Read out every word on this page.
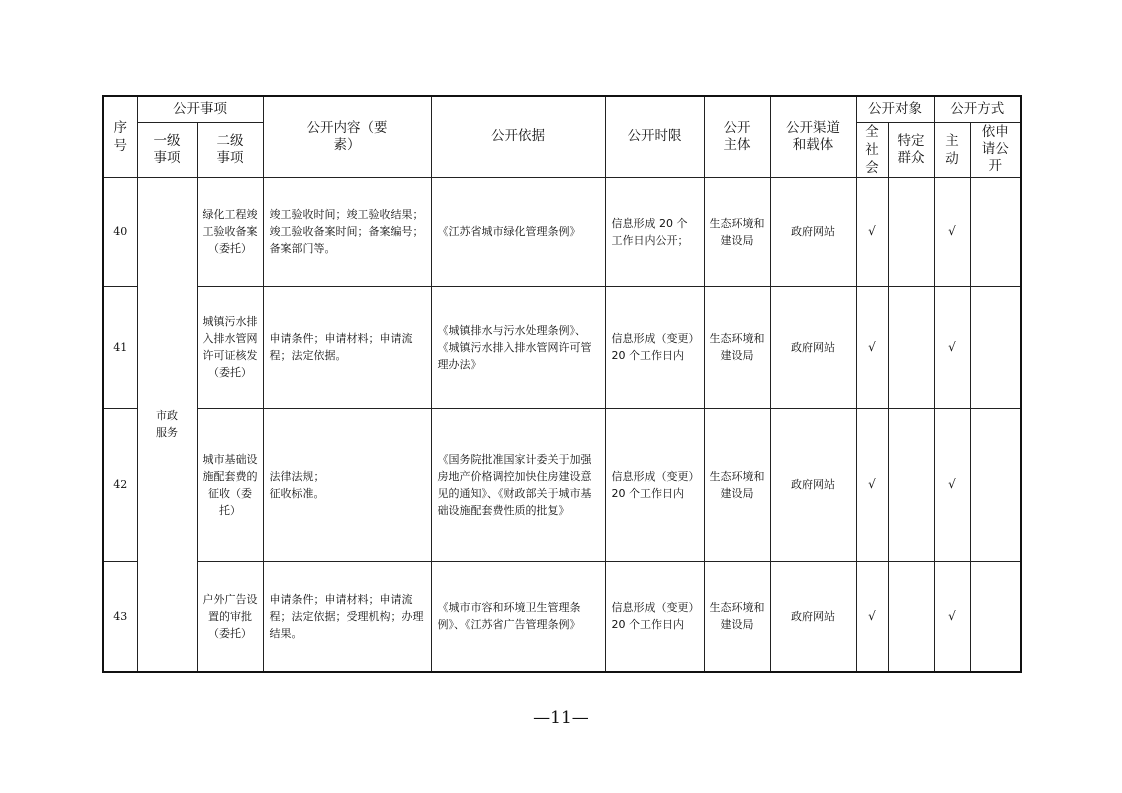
序号	公开事项		公开内容（要素）	公开依据	公开时限	公开主体	公开渠道和载体	公开对象		公开方式	
	一级事项	二级事项						全社会	特定群众	主动	依申请公开
40	市政服务	绿化工程竣工验收备案（委托）	竣工验收时间；竣工验收结果；
竣工验收备案时间；备案编号；
备案部门等。	《江苏省城市绿化管理条例》	信息形成 20 个工作日内公开；	生态环境和建设局	政府网站	√		√	
41		城镇污水排入排水管网许可证核发（委托）	申请条件；申请材料；申请流程；法定依据。	《城镇排水与污水处理条例》、《城镇污水排入排水管网许可管理办法》	信息形成（变更）20 个工作日内	生态环境和建设局	政府网站	√		√	
42		城市基础设施配套费的征收（委托）	法律法规；
征收标准。	《国务院批准国家计委关于加强房地产价格调控加快住房建设意见的通知》、《财政部关于城市基础设施配套费性质的批复》	信息形成（变更）20 个工作日内	生态环境和建设局	政府网站	√		√	
43		户外广告设置的审批（委托）	申请条件；申请材料；申请流程；法定依据；受理机构；办理结果。	《城市市容和环境卫生管理条例》、《江苏省广告管理条例》	信息形成（变更）20 个工作日内	生态环境和建设局	政府网站	√		√	
—11—
